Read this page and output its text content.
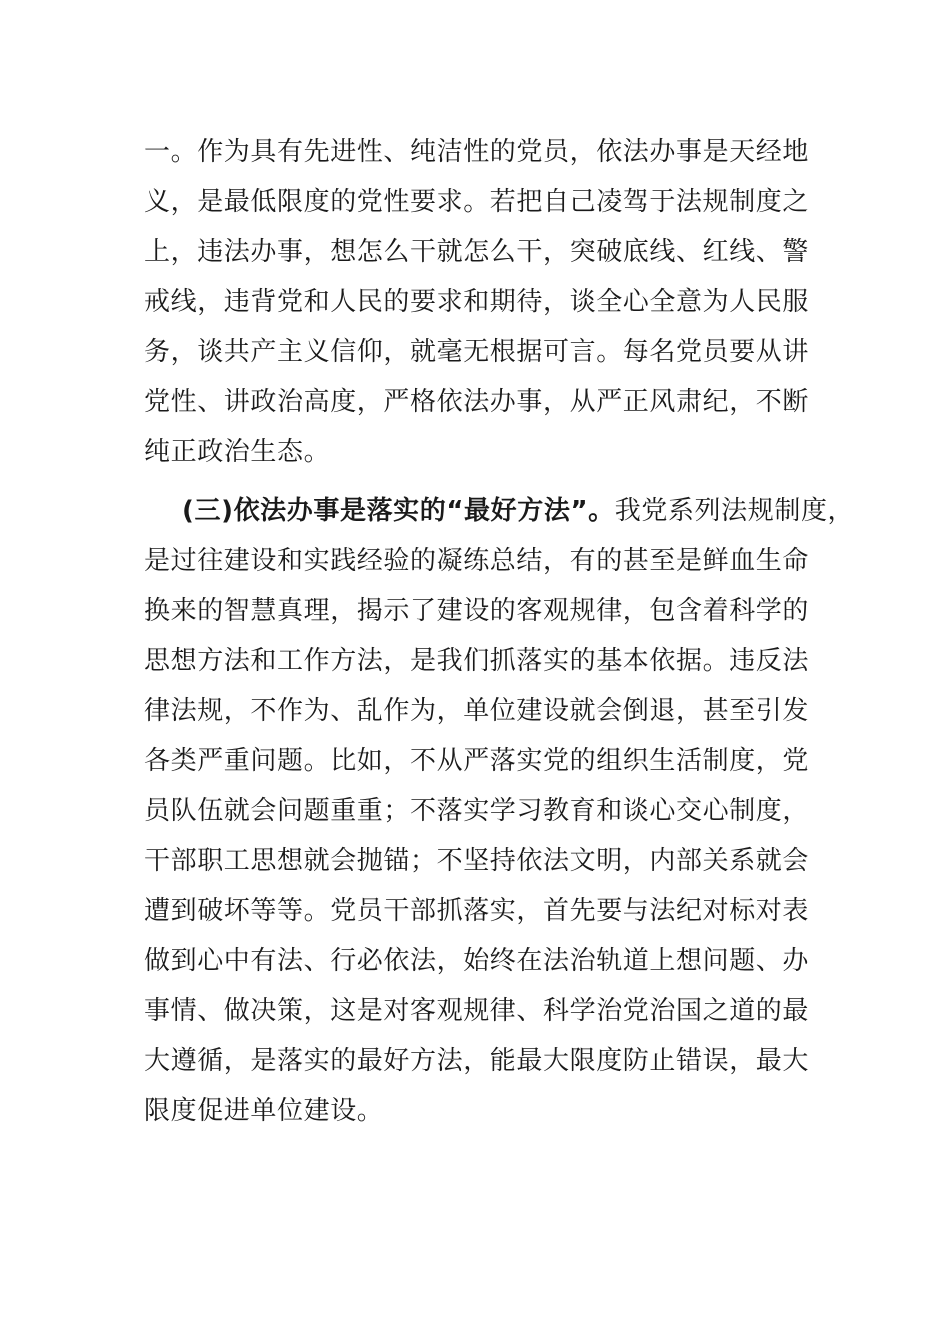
一。作为具有先进性、纯洁性的党员，依法办事是天经地
义，是最低限度的党性要求。若把自己凌驾于法规制度之
上，违法办事，想怎么干就怎么干，突破底线、红线、警
戒线，违背党和人民的要求和期待，谈全心全意为人民服
务，谈共产主义信仰，就毫无根据可言。每名党员要从讲
党性、讲政治高度，严格依法办事，从严正风肃纪，不断
纯正政治生态。
(三)依法办事是落实的“最好方法”。我党系列法规制度，
是过往建设和实践经验的凝练总结，有的甚至是鲜血生命
换来的智慧真理，揭示了建设的客观规律，包含着科学的
思想方法和工作方法，是我们抓落实的基本依据。违反法
律法规，不作为、乱作为，单位建设就会倒退，甚至引发
各类严重问题。比如，不从严落实党的组织生活制度，党
员队伍就会问题重重；不落实学习教育和谈心交心制度，
干部职工思想就会抛锚；不坚持依法文明，内部关系就会
遭到破坏等等。党员干部抓落实，首先要与法纪对标对表
做到心中有法、行必依法，始终在法治轨道上想问题、办
事情、做决策，这是对客观规律、科学治党治国之道的最
大遵循，是落实的最好方法，能最大限度防止错误，最大
限度促进单位建设。
